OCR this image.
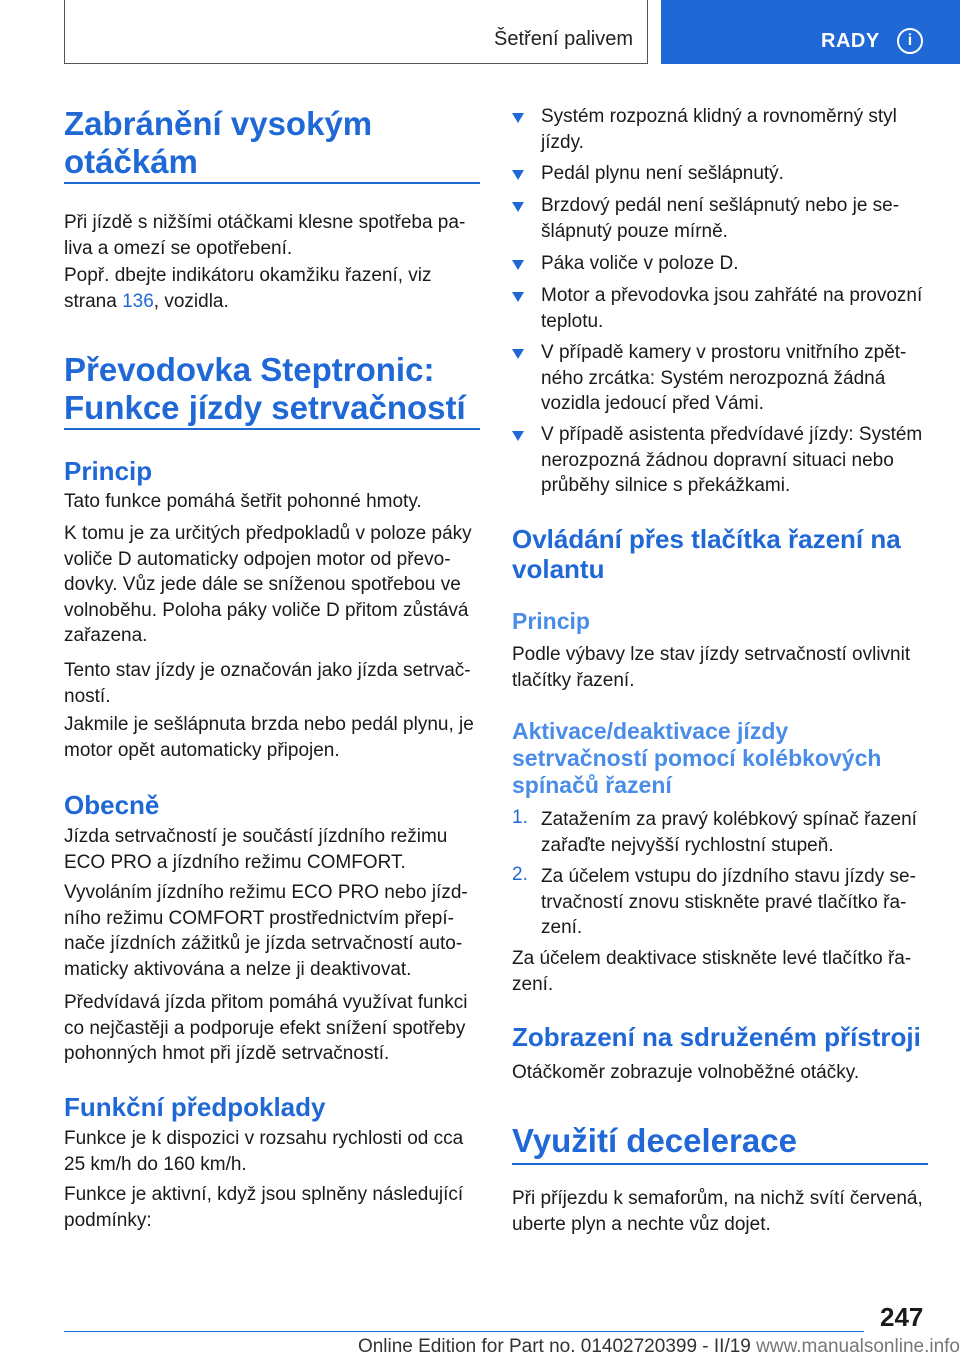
Šetření palivem	RADY	i
Zabránění vysokým
otáčkám
Při jízdě s nižšími otáčkami klesne spotřeba pa-
liva a omezí se opotřebení.
Popř. dbejte indikátoru okamžiku řazení, viz
strana 136, vozidla.
Převodovka Steptronic:
Funkce jízdy setrvačností
Princip
Tato funkce pomáhá šetřit pohonné hmoty.
K tomu je za určitých předpokladů v poloze páky
voliče D automaticky odpojen motor od převo-
dovky. Vůz jede dále se sníženou spotřebou ve
volnoběhu. Poloha páky voliče D přitom zůstává
zařazena.
Tento stav jízdy je označován jako jízda setrvač-
ností.
Jakmile je sešlápnuta brzda nebo pedál plynu, je
motor opět automaticky připojen.
Obecně
Jízda setrvačností je součástí jízdního režimu
ECO PRO a jízdního režimu COMFORT.
Vyvoláním jízdního režimu ECO PRO nebo jízd-
ního režimu COMFORT prostřednictvím přepí-
nače jízdních zážitků je jízda setrvačností auto-
maticky aktivována a nelze ji deaktivovat.
Předvídavá jízda přitom pomáhá využívat funkci
co nejčastěji a podporuje efekt snížení spotřeby
pohonných hmot při jízdě setrvačností.
Funkční předpoklady
Funkce je k dispozici v rozsahu rychlosti od cca
25 km/h do 160 km/h.
Funkce je aktivní, když jsou splněny následující
podmínky:
Systém rozpozná klidný a rovnoměrný styl
jízdy.
Pedál plynu není sešlápnutý.
Brzdový pedál není sešlápnutý nebo je se-
šlápnutý pouze mírně.
Páka voliče v poloze D.
Motor a převodovka jsou zahřáté na provozní
teplotu.
V případě kamery v prostoru vnitřního zpět-
ného zrcátka: Systém nerozpozná žádná
vozidla jedoucí před Vámi.
V případě asistenta předvídavé jízdy: Systém
nerozpozná žádnou dopravní situaci nebo
průběhy silnice s překážkami.
Ovládání přes tlačítka řazení na
volantu
Princip
Podle výbavy lze stav jízdy setrvačností ovlivnit
tlačítky řazení.
Aktivace/deaktivace jízdy
setrvačností pomocí kolébkových
spínačů řazení
1. Zatažením za pravý kolébkový spínač řazení
zařaďte nejvyšší rychlostní stupeň.
2. Za účelem vstupu do jízdního stavu jízdy se-
trvačností znovu stiskněte pravé tlačítko řa-
zení.
Za účelem deaktivace stiskněte levé tlačítko řa-
zení.
Zobrazení na sdruženém přístroji
Otáčkoměr zobrazuje volnoběžné otáčky.
Využití decelerace
Při příjezdu k semaforům, na nichž svítí červená,
uberte plyn a nechte vůz dojet.
247
Online Edition for Part no. 01402720399 - II/19 www.manualsonline.info
